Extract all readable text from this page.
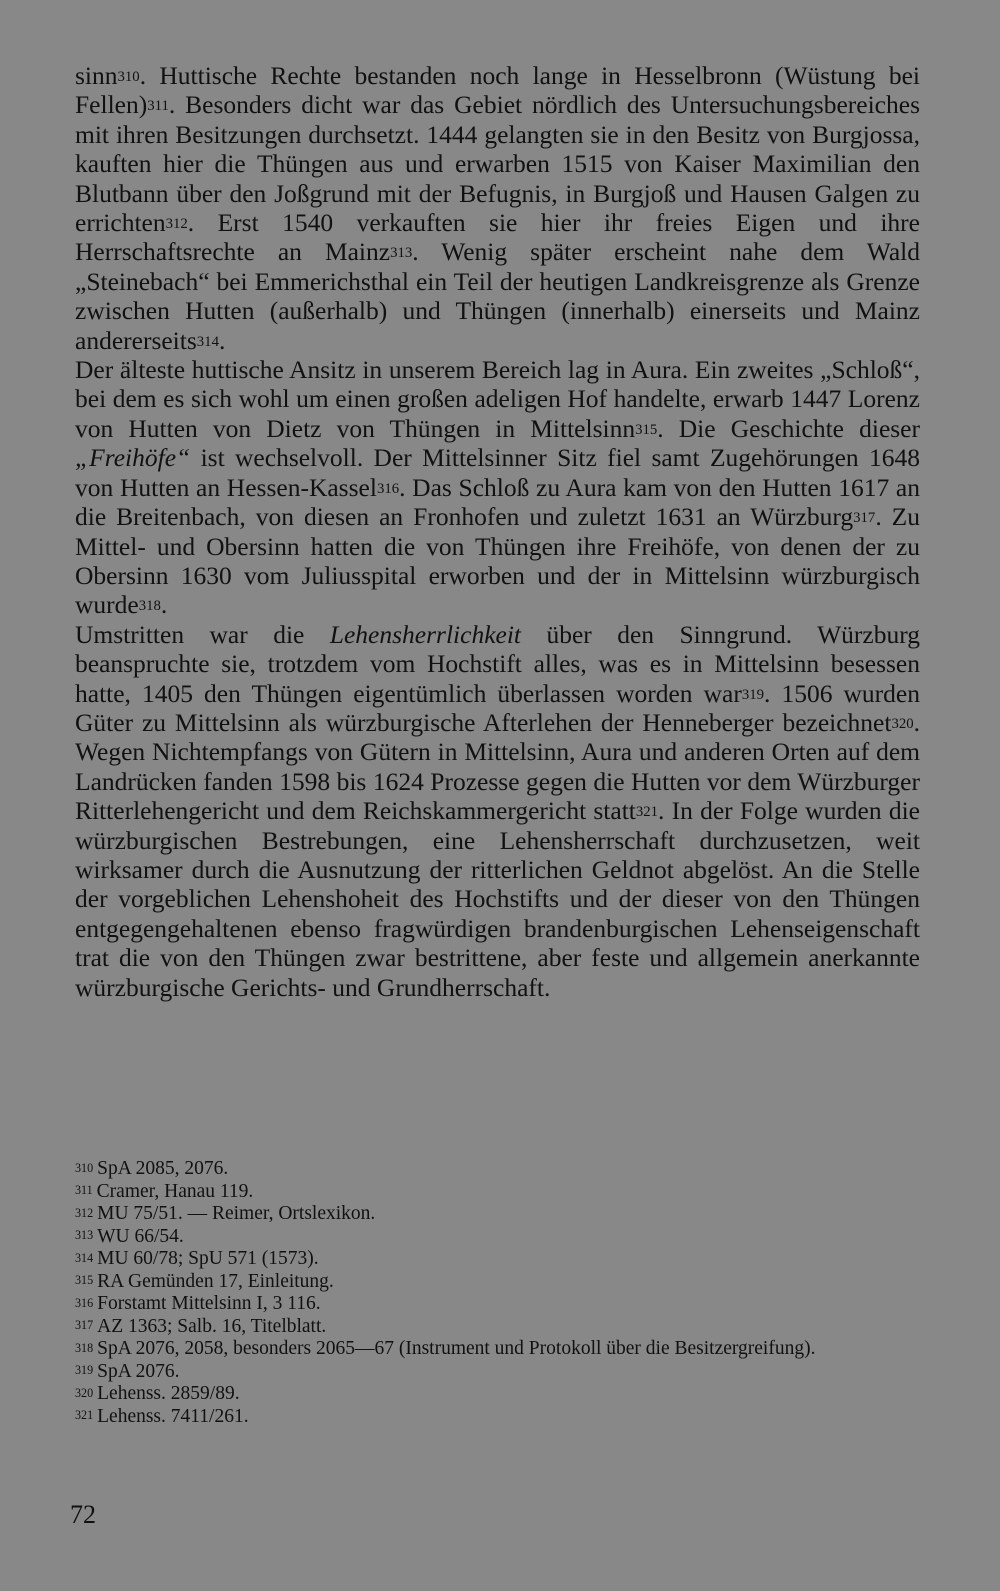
sinn$^{310}$. Huttische Rechte bestanden noch lange in Hesselbronn (Wüstung bei Fellen)$^{311}$. Besonders dicht war das Gebiet nördlich des Untersuchungsbereiches mit ihren Besitzungen durchsetzt. 1444 gelangten sie in den Besitz von Burgjossa, kauften hier die Thüngen aus und erwarben 1515 von Kaiser Maximilian den Blutbann über den Joßgrund mit der Befugnis, in Burgjoß und Hausen Galgen zu errichten$^{312}$. Erst 1540 verkauften sie hier ihr freies Eigen und ihre Herrschaftsrechte an Mainz$^{313}$. Wenig später erscheint nahe dem Wald „Steinebach“ bei Emmerichsthal ein Teil der heutigen Landkreisgrenze als Grenze zwischen Hutten (außerhalb) und Thüngen (innerhalb) einerseits und Mainz andererseits$^{314}$.

Der älteste huttische Ansitz in unserem Bereich lag in Aura. Ein zweites „Schloß“, bei dem es sich wohl um einen großen adeligen Hof handelte, erwarb 1447 Lorenz von Hutten von Dietz von Thüngen in Mittelsinn$^{315}$. Die Geschichte dieser „Freihöfe“ ist wechselvoll. Der Mittelsinner Sitz fiel samt Zugehörungen 1648 von Hutten an Hessen-Kassel$^{316}$. Das Schloß zu Aura kam von den Hutten 1617 an die Breitenbach, von diesen an Fronhofen und zuletzt 1631 an Würzburg$^{317}$. Zu Mittel- und Obersinn hatten die von Thüngen ihre Freihöfe, von denen der zu Obersinn 1630 vom Juliusspital erworben und der in Mittelsinn würzburgisch wurde$^{318}$.

Umstritten war die Lehensherrlichkeit über den Sinngrund. Würzburg beanspruchte sie, trotzdem vom Hochstift alles, was es in Mittelsinn besessen hatte, 1405 den Thüngen eigentümlich überlassen worden war$^{319}$. 1506 wurden Güter zu Mittelsinn als würzburgische Afterlehen der Henneberger bezeichnet$^{320}$. Wegen Nichtempfangs von Gütern in Mittelsinn, Aura und anderen Orten auf dem Landrücken fanden 1598 bis 1624 Prozesse gegen die Hutten vor dem Würzburger Ritterlehengericht und dem Reichskammergericht statt$^{321}$. In der Folge wurden die würzburgischen Bestrebungen, eine Lehensherrschaft durchzusetzen, weit wirksamer durch die Ausnutzung der ritterlichen Geldnot abgelöst. An die Stelle der vorgeblichen Lehenshoheit des Hochstifts und der dieser von den Thüngen entgegengehaltenen ebenso fragwürdigen brandenburgischen Lehenseigenschaft trat die von den Thüngen zwar bestrittene, aber feste und allgemein anerkannte würzburgische Gerichts- und Grundherrschaft.

$^{310}$ SpA 2085, 2076.

$^{311}$ Cramer, Hanau 119.

$^{312}$ MU 75/51. — Reimer, Ortslexikon.

$^{313}$ WU 66/54.

$^{314}$ MU 60/78; SpU 571 (1573).

$^{315}$ RA Gemünden 17, Einleitung.

$^{316}$ Forstamt Mittelsinn I, 3 116.

$^{317}$ AZ 1363; Salb. 16, Titelblatt.

$^{318}$ SpA 2076, 2058, besonders 2065—67 (Instrument und Protokoll über die Besitzergreifung).

$^{319}$ SpA 2076.

$^{320}$ Lehenss. 2859/89.

$^{321}$ Lehenss. 7411/261.

72
